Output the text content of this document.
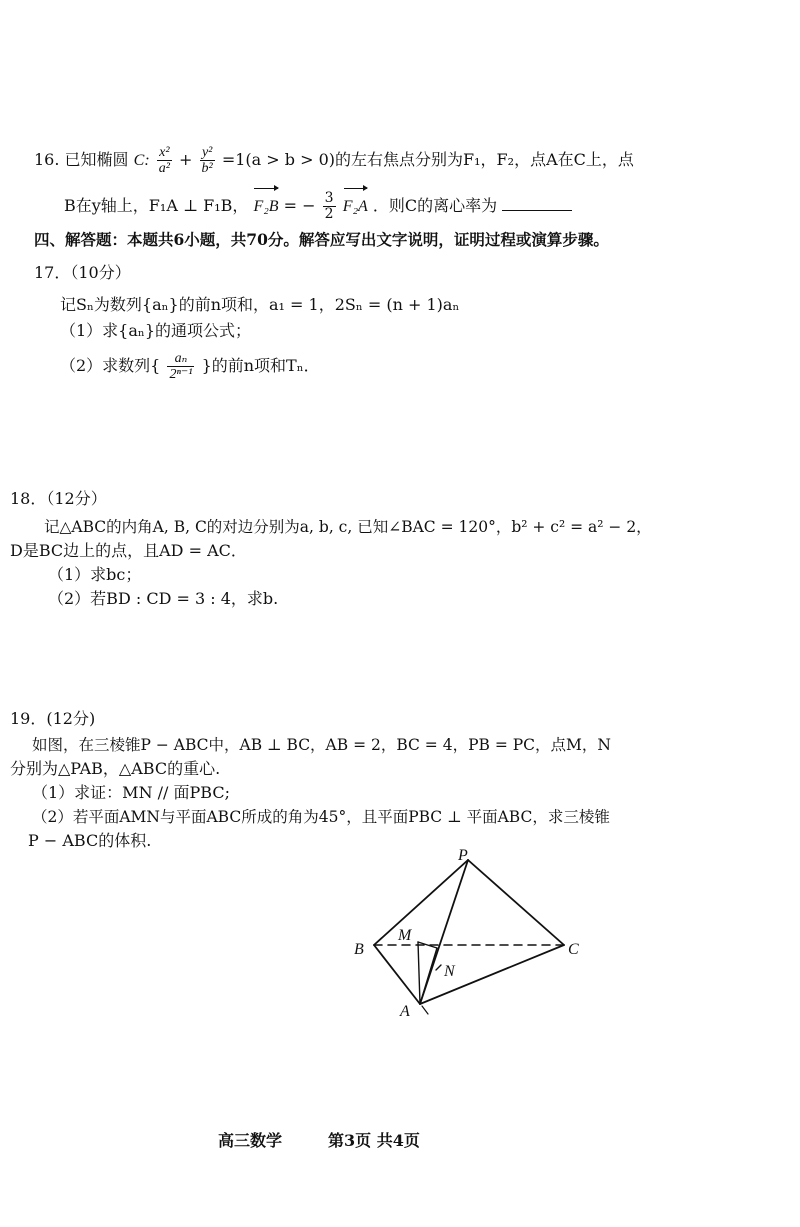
16. 已知椭圆 C: $\frac{\text{x²}}{\text{a²}} + \frac{\text{y²}}{\text{b²}} =1(a > b > 0)$的左右焦点分别为F₁，F₂，点A在C上，点
B在y轴上，F₁A ⊥ F₁B， F₂B = − $\frac{3}{2} F_2A$ ．则C的离心率为
四、解答题：本题共6小题，共70分。解答应写出文字说明，证明过程或演算步骤。
17．（10分）
记Sₙ为数列{aₙ}的前n项和，a₁ = 1，2Sₙ = (n + 1)aₙ
（1）求{aₙ}的通项公式；
（2）求数列{ $\frac{\text{aₙ}}{\text{2ⁿ⁻¹}}$ }的前n项和Tₙ．
18．（12分）
记△ABC的内角A, B, C的对边分别为a, b, c, 已知∠BAC = 120°，b² + c² = a² − 2，
D是BC边上的点，且AD = AC．
（1）求bc；
（2）若BD : CD = 3 : 4，求b.
19．(12分)
如图，在三棱锥P − ABC中，AB ⊥ BC，AB = 2，BC = 4，PB = PC，点M，N
分别为△PAB，△ABC的重心.
（1）求证：MN // 面PBC;
（2）若平面AMN与平面ABC所成的角为45°，且平面PBC ⊥ 平面ABC，求三棱锥
P − ABC的体积.
P
B	C
A
M
N
高三数学	第3页 共4页
